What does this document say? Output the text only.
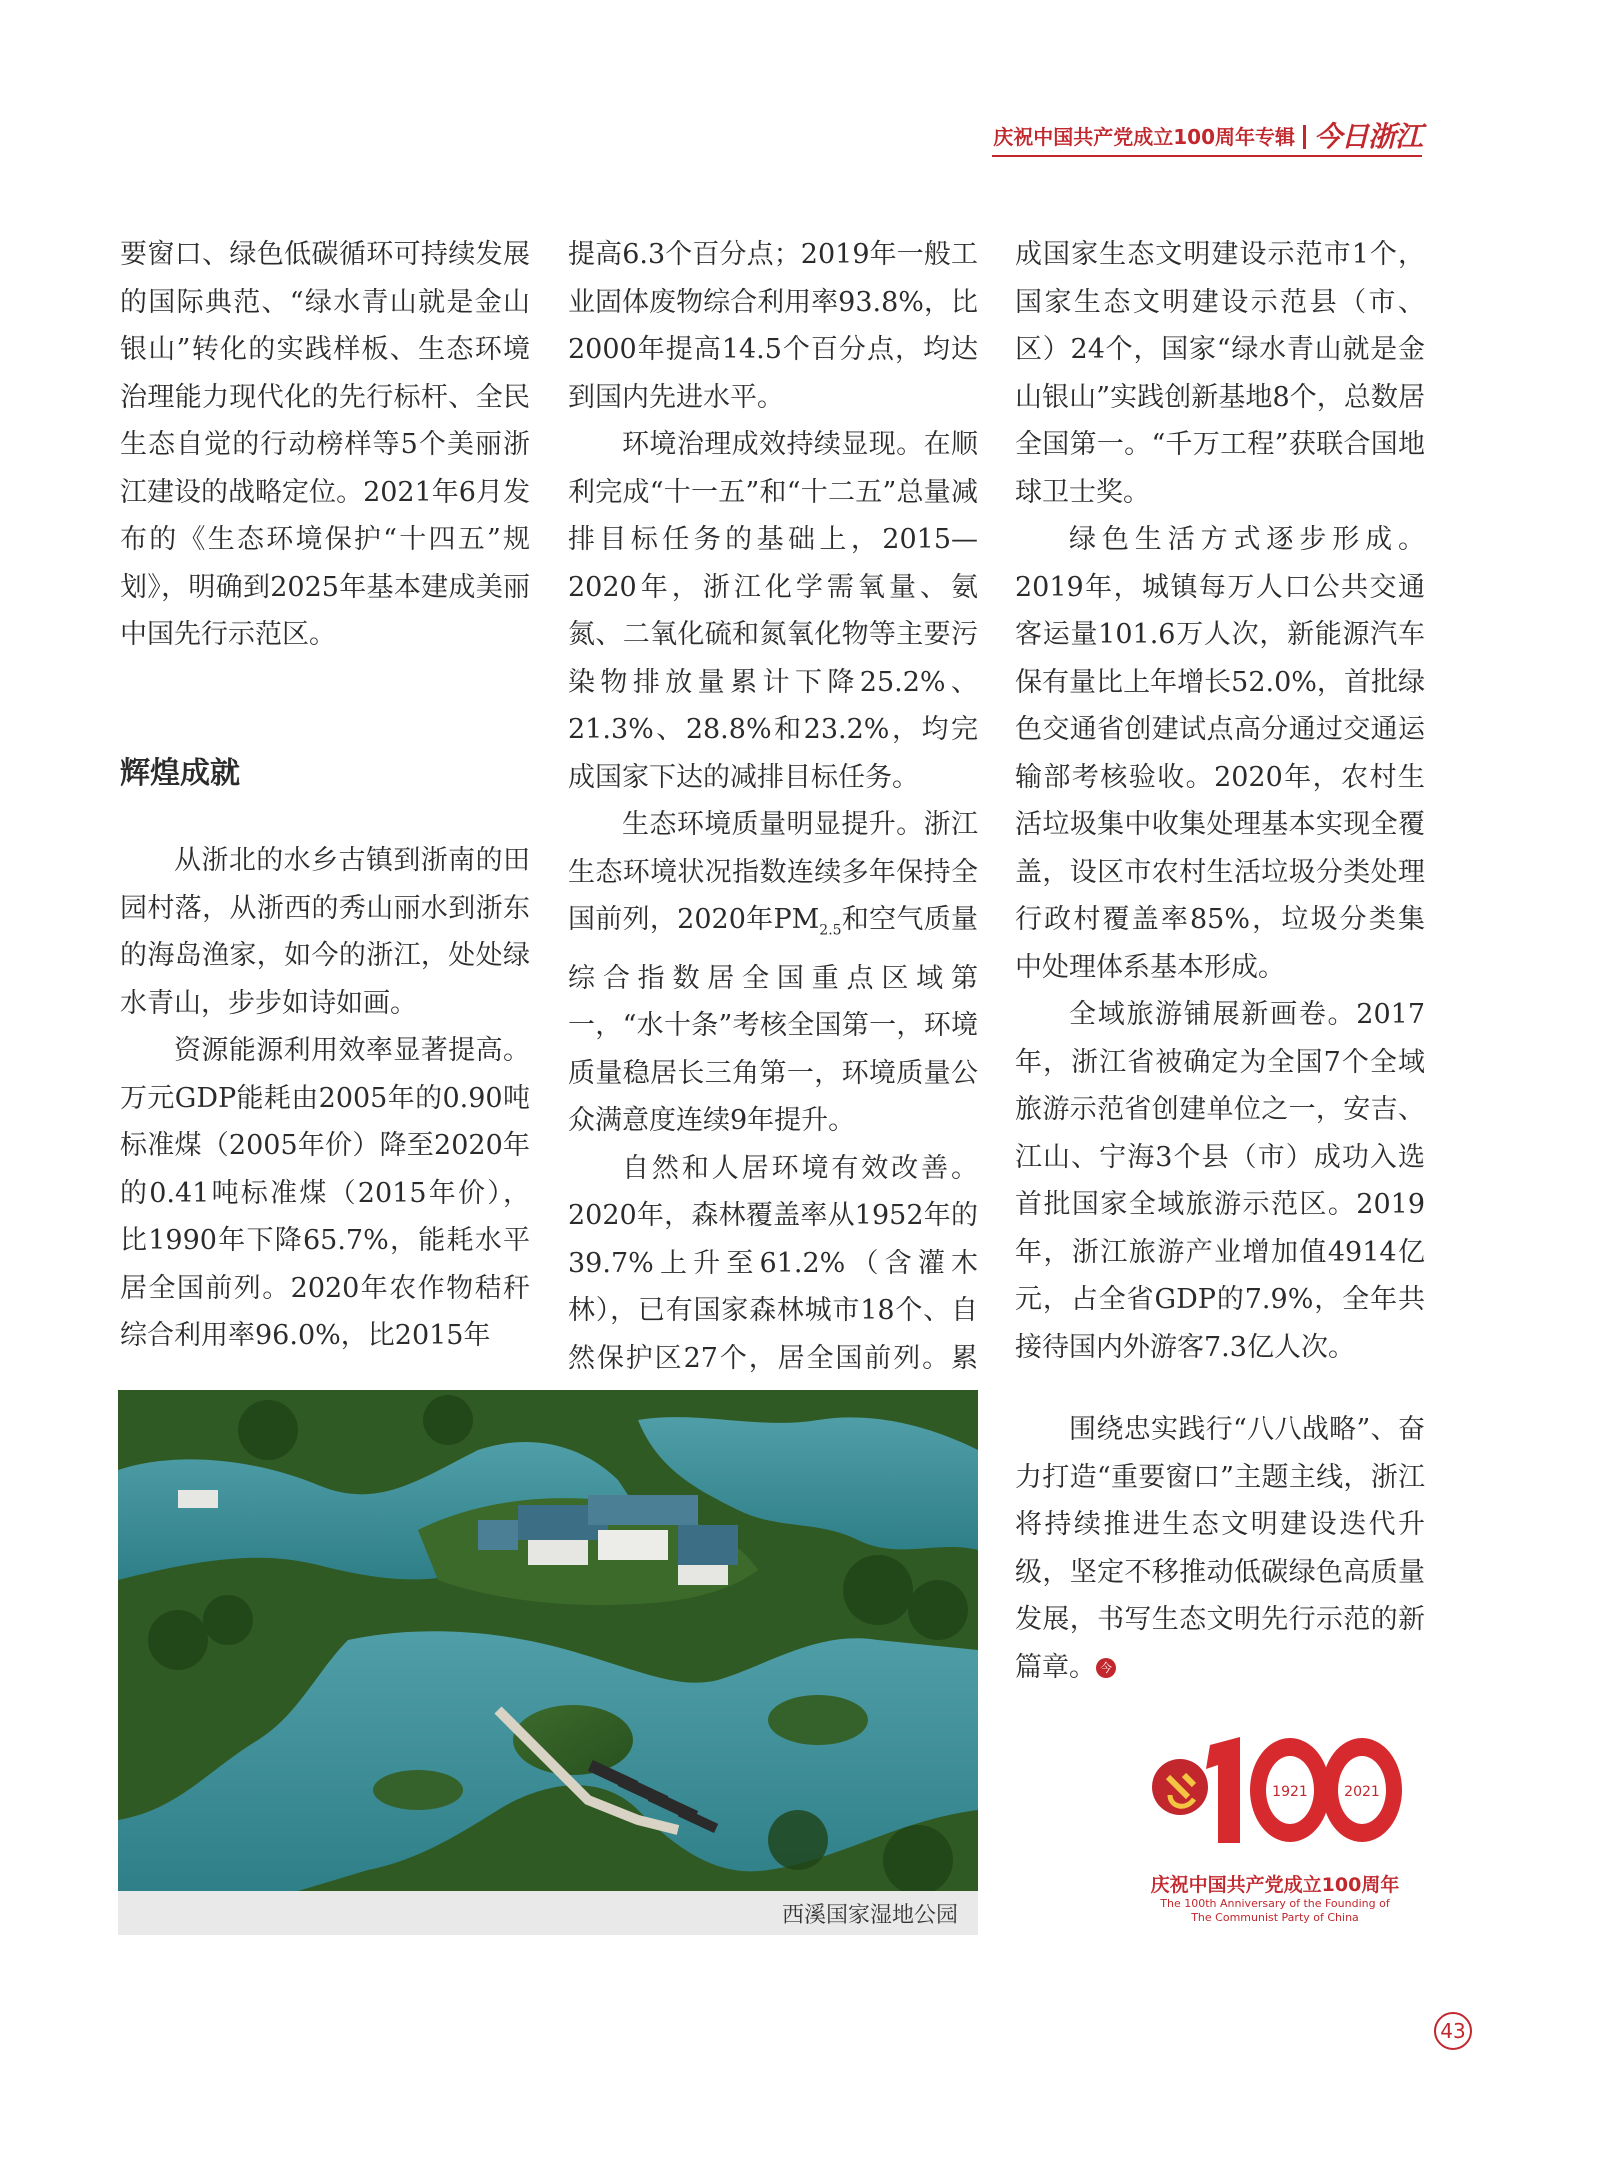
庆祝中国共产党成立100周年专辑 今日浙江

要窗口、绿色低碳循环可持续发展的国际典范、“绿水青山就是金山银山”转化的实践样板、生态环境治理能力现代化的先行标杆、全民生态自觉的行动榜样等5个美丽浙江建设的战略定位。2021年6月发布的《生态环境保护“十四五”规划》，明确到2025年基本建成美丽中国先行示范区。

辉煌成就

从浙北的水乡古镇到浙南的田园村落，从浙西的秀山丽水到浙东的海岛渔家，如今的浙江，处处绿水青山，步步如诗如画。

资源能源利用效率显著提高。万元GDP能耗由2005年的0.90吨标准煤（2005年价）降至2020年的0.41吨标准煤（2015年价），比1990年下降65.7%，能耗水平居全国前列。2020年农作物秸秆综合利用率96.0%，比2015年

提高6.3个百分点；2019年一般工业固体废物综合利用率93.8%，比2000年提高14.5个百分点，均达到国内先进水平。

环境治理成效持续显现。在顺利完成“十一五”和“十二五”总量减排目标任务的基础上，2015—2020年，浙江化学需氧量、氨氮、二氧化硫和氮氧化物等主要污染物排放量累计下降25.2%、21.3%、28.8%和23.2%，均完成国家下达的减排目标任务。

生态环境质量明显提升。浙江生态环境状况指数连续多年保持全国前列，2020年$PM_{2.5}$和空气质量综合指数居全国重点区域第一，“水十条”考核全国第一，环境质量稳居长三角第一，环境质量公众满意度连续9年提升。

自然和人居环境有效改善。2020年，森林覆盖率从1952年的39.7%上升至61.2%（含灌木林），已有国家森林城市18个、自然保护区27个，居全国前列。累

成国家生态文明建设示范市1个，国家生态文明建设示范县（市、区）24个，国家“绿水青山就是金山银山”实践创新基地8个，总数居全国第一。“千万工程”获联合国地球卫士奖。

绿色生活方式逐步形成。2019年，城镇每万人口公共交通客运量101.6万人次，新能源汽车保有量比上年增长52.0%，首批绿色交通省创建试点高分通过交通运输部考核验收。2020年，农村生活垃圾集中收集处理基本实现全覆盖，设区市农村生活垃圾分类处理行政村覆盖率85%，垃圾分类集中处理体系基本形成。

全域旅游铺展新画卷。2017年，浙江省被确定为全国7个全域旅游示范省创建单位之一，安吉、江山、宁海3个县（市）成功入选首批国家全域旅游示范区。2019年，浙江旅游产业增加值4914亿元，占全省GDP的7.9%，全年共接待国内外游客7.3亿人次。

围绕忠实践行“八八战略”、奋力打造“重要窗口”主题主线，浙江将持续推进生态文明建设迭代升级，坚定不移推动低碳绿色高质量发展，书写生态文明先行示范的新篇章。 今

西溪国家湿地公园
1921	2021
庆祝中国共产党成立100周年
The 100th Anniversary of the Founding of
The Communist Party of China
43
